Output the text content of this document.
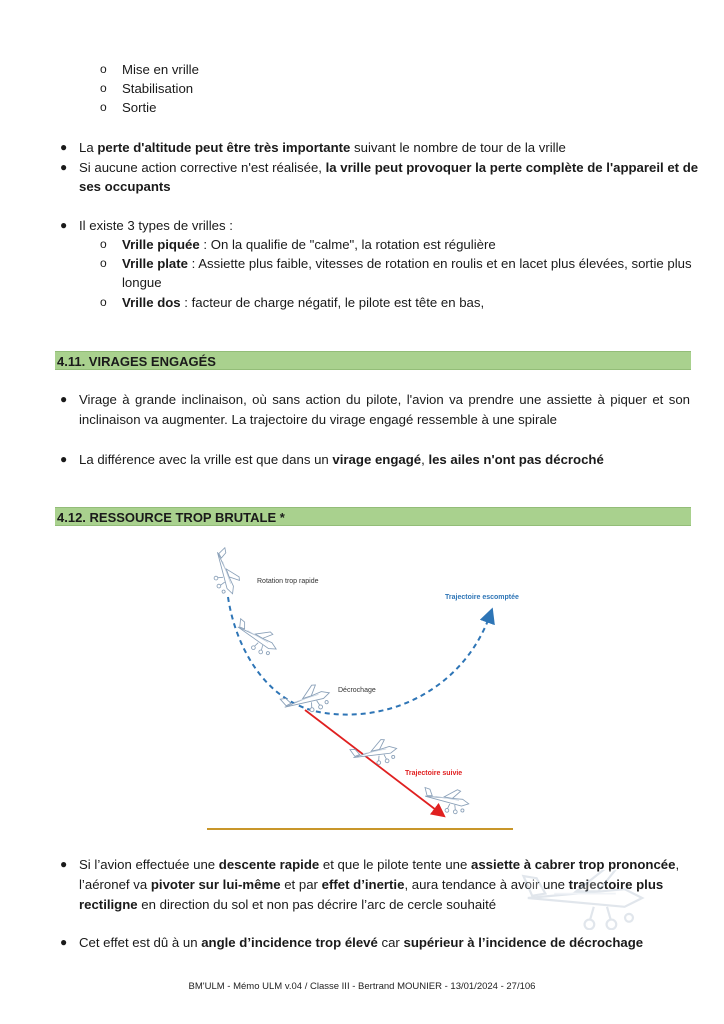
o Mise en vrille
o Stabilisation
o Sortie
● La perte d'altitude peut être très importante suivant le nombre de tour de la vrille
● Si aucune action corrective n'est réalisée, la vrille peut provoquer la perte complète de l'appareil et de
ses occupants
● Il existe 3 types de vrilles :
o Vrille piquée : On la qualifie de "calme", la rotation est régulière
o Vrille plate : Assiette plus faible, vitesses de rotation en roulis et en lacet plus élevées, sortie plus
longue
o Vrille dos : facteur de charge négatif, le pilote est tête en bas,
4.11. VIRAGES ENGAGÉS
● Virage à grande inclinaison, où sans action du pilote, l'avion va prendre une assiette à piquer et son
inclinaison va augmenter. La trajectoire du virage engagé ressemble à une spirale
● La différence avec la vrille est que dans un virage engagé, les ailes n'ont pas décroché
4.12. RESSOURCE TROP BRUTALE *
Rotation trop rapide
Trajectoire escomptée
Décrochage
Trajectoire suivie
● Si l’avion effectuée une descente rapide et que le pilote tente une assiette à cabrer trop prononcée,
l’aéronef va pivoter sur lui-même et par effet d’inertie, aura tendance à avoir une trajectoire plus
rectiligne en direction du sol et non pas décrire l’arc de cercle souhaité
● Cet effet est dû à un angle d’incidence trop élevé car supérieur à l’incidence de décrochage
BM'ULM - Mémo ULM v.04 / Classe III - Bertrand MOUNIER - 13/01/2024 - 27/106
